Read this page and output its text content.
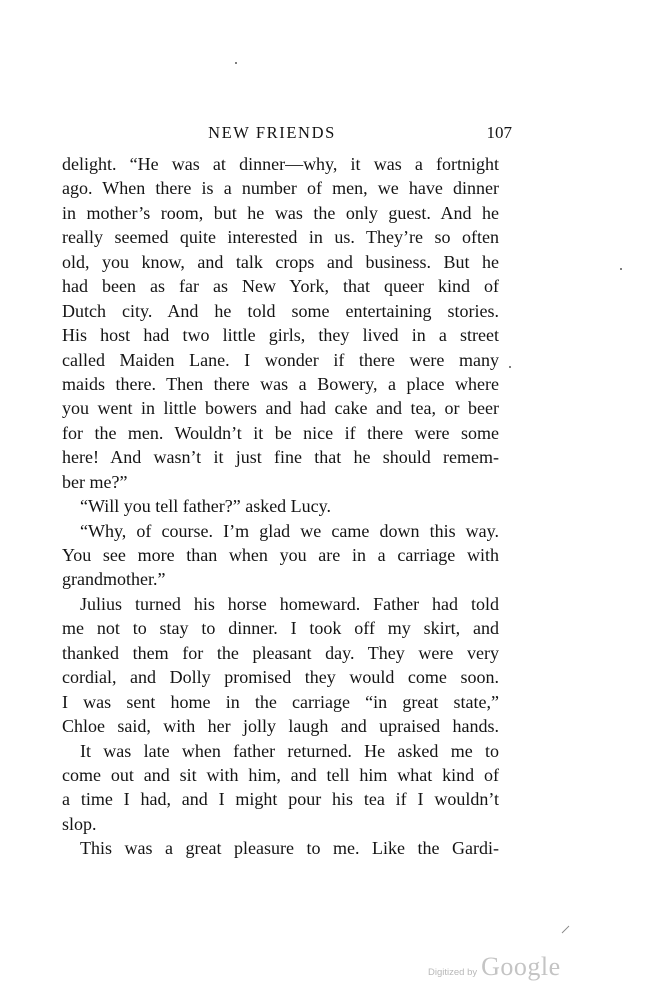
NEW FRIENDS	107
delight. “He was at dinner—why, it was a fortnight
ago. When there is a number of men, we have dinner
in mother’s room, but he was the only guest. And he
really seemed quite interested in us. They’re so often
old, you know, and talk crops and business. But he
had been as far as New York, that queer kind of
Dutch city. And he told some entertaining stories.
His host had two little girls, they lived in a street
called Maiden Lane. I wonder if there were many
maids there. Then there was a Bowery, a place where
you went in little bowers and had cake and tea, or beer
for the men. Wouldn’t it be nice if there were some
here! And wasn’t it just fine that he should remem-
ber me?”
“Will you tell father?” asked Lucy.
“Why, of course. I’m glad we came down this way.
You see more than when you are in a carriage with
grandmother.”
Julius turned his horse homeward. Father had told
me not to stay to dinner. I took off my skirt, and
thanked them for the pleasant day. They were very
cordial, and Dolly promised they would come soon.
I was sent home in the carriage “in great state,”
Chloe said, with her jolly laugh and upraised hands.
It was late when father returned. He asked me to
come out and sit with him, and tell him what kind of
a time I had, and I might pour his tea if I wouldn’t
slop.
This was a great pleasure to me. Like the Gardi-
Digitized by Google
